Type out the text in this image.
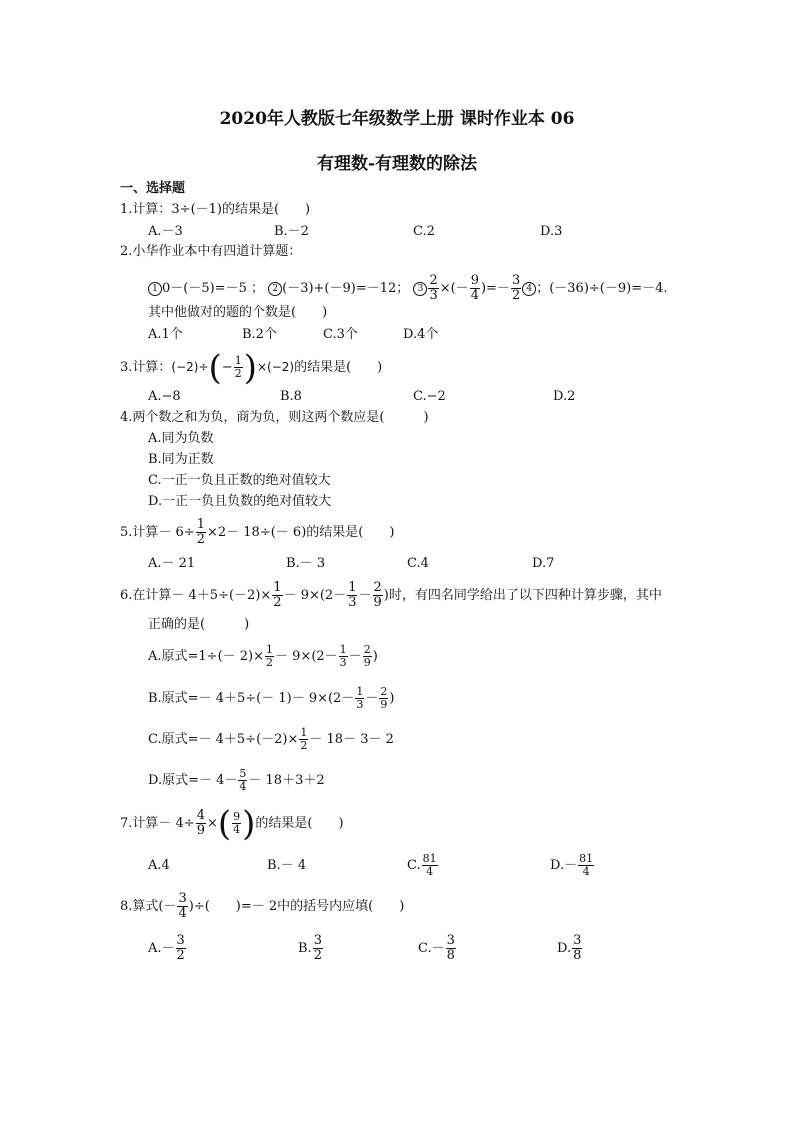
2020年人教版七年级数学上册 课时作业本 06
有理数-有理数的除法
一、选择题
1.计算：3÷(－1)的结果是(　　)
A.－3	B.－2	C.2	D.3
2.小华作业本中有四道计算题：
1 0－(－5)=－5 ； 2 (－3)+(－9)=－12； $3 \frac{2}{3}$ ×(－ $\frac{9}{4}$ )=－ $\frac{3}{2} 4$ ；(－36)÷(－9)=－4.
其中他做对的题的个数是(　　)
A.1个	B.2个	C.3个	D.4个
3.计算：$(-2)\div(- \frac{1}{2} )\times(-2)$的结果是(　　)
A.−8	B.8	C.−2	D.2
4.两个数之和为负，商为负，则这两个数应是(　　　)
A.同为负数
B.同为正数
C.一正一负且正数的绝对值较大
D.一正一负且负数的绝对值较大
5.计算－ $6\div \frac{1}{2} \times 2- 18\div(- 6)$的结果是(　　)
A.－ 21	B.－ 3	C.4	D.7
6.在计算－ $4+5\div(-2)\times \frac{1}{2} - 9\times(2- \frac{1}{3} - \frac{2}{9}$ )时，有四名同学给出了以下四种计算步骤，其中
正确的是(　　　)
A.原式$=1\div(- 2)\times \frac{1}{2} - 9\times(2- \frac{1}{3} - \frac{2}{9}$ )
B.原式=－ $4+5\div(- 1)- 9\times(2- \frac{1}{3} - \frac{2}{9}$ )
C.原式=－ $4+5\div(-2)\times \frac{1}{2} - 18- 3- 2$
D.原式=－ $4- \frac{5}{4} - 18+3+2$
7.计算－ $4\div \frac{4}{9}$ ×( $\frac{9}{4}$ )的结果是(　　)
A.4	B.－ 4	C. $\frac{81}{4}$	$D.- \frac{81}{4}$
8.算式(－ $\frac{3}{4}$ )÷(　　)=－ 2中的括号内应填(　　)
$A.- \frac{3}{2}$	B. $\frac{3}{2}$	$C.- \frac{3}{8}$	D. $\frac{3}{8}$
